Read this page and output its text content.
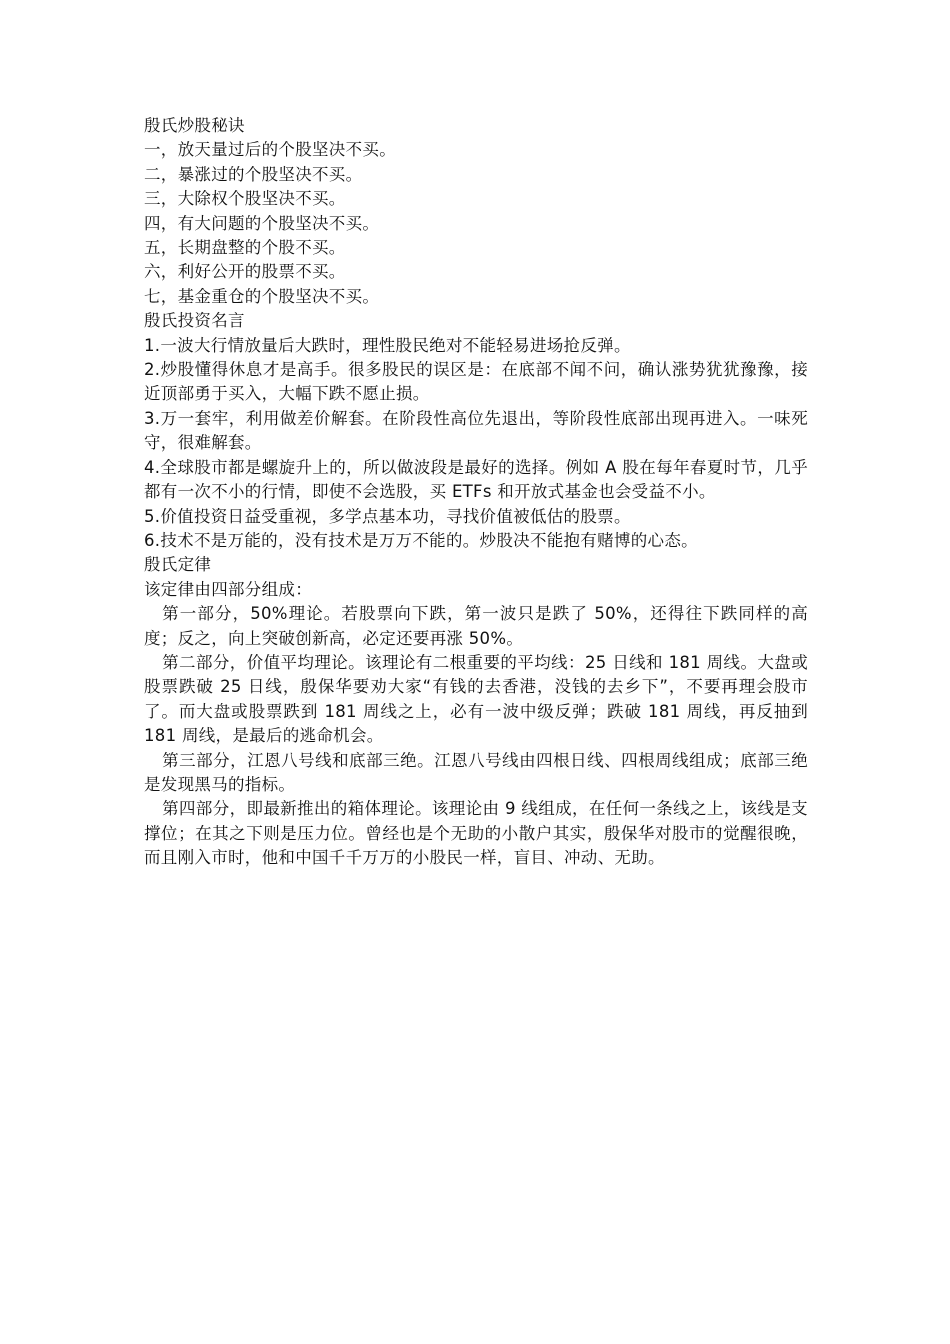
殷氏炒股秘诀

一，放天量过后的个股坚决不买。

二，暴涨过的个股坚决不买。

三，大除权个股坚决不买。

四，有大问题的个股坚决不买。

五，长期盘整的个股不买。

六，利好公开的股票不买。

七，基金重仓的个股坚决不买。

殷氏投资名言

1.一波大行情放量后大跌时，理性股民绝对不能轻易进场抢反弹。

2.炒股懂得休息才是高手。很多股民的误区是：在底部不闻不问，确认涨势犹犹豫豫，接近顶部勇于买入，大幅下跌不愿止损。

3.万一套牢，利用做差价解套。在阶段性高位先退出，等阶段性底部出现再进入。一味死守，很难解套。

4.全球股市都是螺旋升上的，所以做波段是最好的选择。例如 A 股在每年春夏时节，几乎都有一次不小的行情，即使不会选股，买 ETFs 和开放式基金也会受益不小。

5.价值投资日益受重视，多学点基本功，寻找价值被低估的股票。

6.技术不是万能的，没有技术是万万不能的。炒股决不能抱有赌博的心态。

殷氏定律

该定律由四部分组成：

第一部分，50%理论。若股票向下跌，第一波只是跌了 50%，还得往下跌同样的高度；反之，向上突破创新高，必定还要再涨 50%。

第二部分，价值平均理论。该理论有二根重要的平均线：25 日线和 181 周线。大盘或股票跌破 25 日线，殷保华要劝大家“有钱的去香港，没钱的去乡下”，不要再理会股市了。而大盘或股票跌到 181 周线之上，必有一波中级反弹；跌破 181 周线，再反抽到 181 周线，是最后的逃命机会。

第三部分，江恩八号线和底部三绝。江恩八号线由四根日线、四根周线组成；底部三绝是发现黑马的指标。

第四部分，即最新推出的箱体理论。该理论由 9 线组成，在任何一条线之上，该线是支撑位；在其之下则是压力位。曾经也是个无助的小散户其实，殷保华对股市的觉醒很晚，而且刚入市时，他和中国千千万万的小股民一样，盲目、冲动、无助。
